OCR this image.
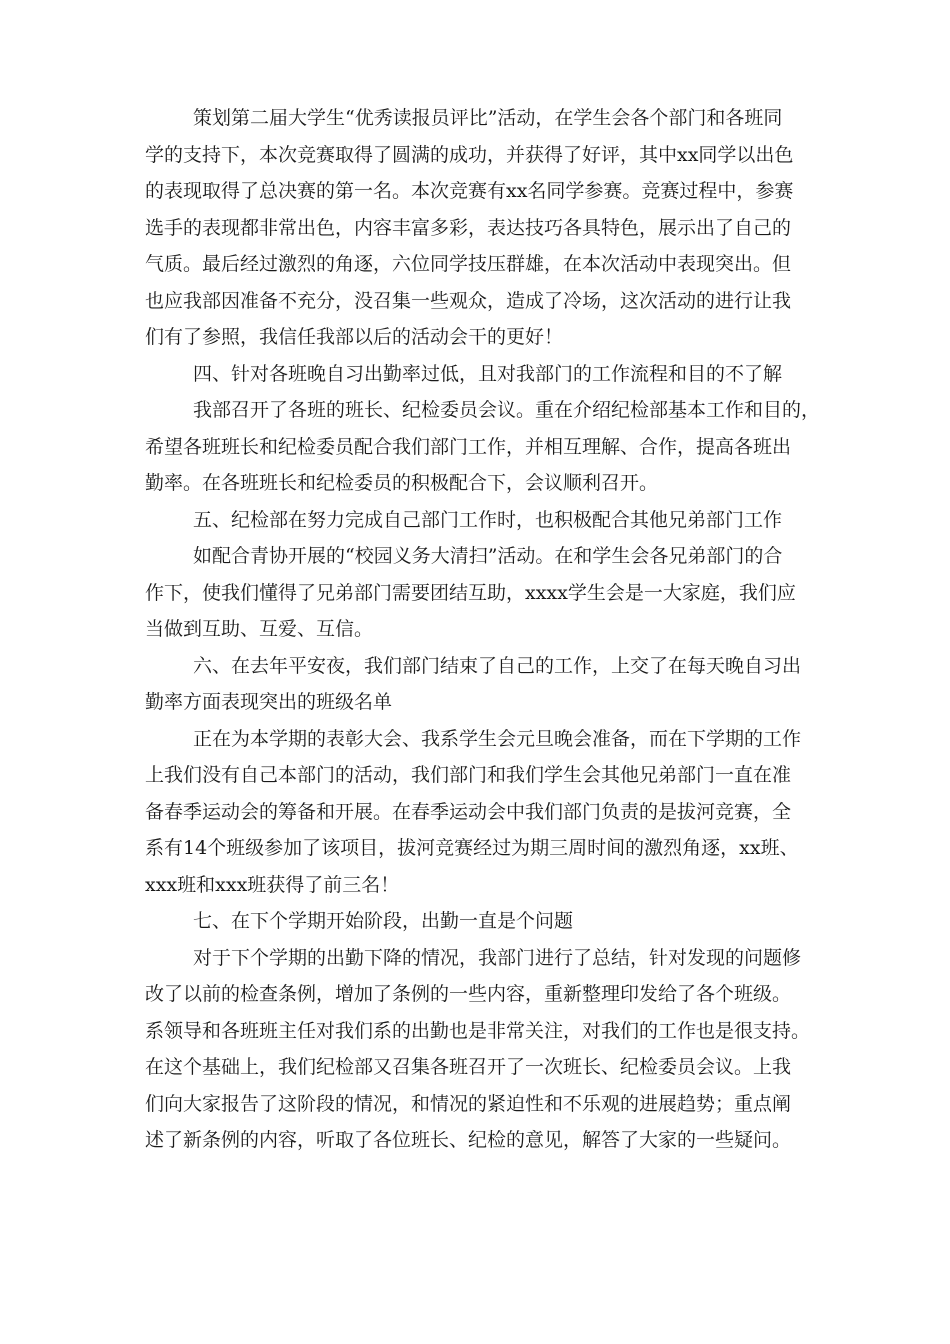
策划第二届大学生“优秀读报员评比”活动，在学生会各个部门和各班同
学的支持下，本次竞赛取得了圆满的成功，并获得了好评，其中xx同学以出色
的表现取得了总决赛的第一名。本次竞赛有xx名同学参赛。竞赛过程中，参赛
选手的表现都非常出色，内容丰富多彩，表达技巧各具特色，展示出了自己的
气质。最后经过激烈的角逐，六位同学技压群雄，在本次活动中表现突出。但
也应我部因准备不充分，没召集一些观众，造成了冷场，这次活动的进行让我
们有了参照，我信任我部以后的活动会干的更好！
四、针对各班晚自习出勤率过低，且对我部门的工作流程和目的不了解
我部召开了各班的班长、纪检委员会议。重在介绍纪检部基本工作和目的，
希望各班班长和纪检委员配合我们部门工作，并相互理解、合作，提高各班出
勤率。在各班班长和纪检委员的积极配合下，会议顺利召开。
五、纪检部在努力完成自己部门工作时，也积极配合其他兄弟部门工作
如配合青协开展的“校园义务大清扫”活动。在和学生会各兄弟部门的合
作下，使我们懂得了兄弟部门需要团结互助，xxxx学生会是一大家庭，我们应
当做到互助、互爱、互信。
六、在去年平安夜，我们部门结束了自己的工作，上交了在每天晚自习出
勤率方面表现突出的班级名单
正在为本学期的表彰大会、我系学生会元旦晚会准备，而在下学期的工作
上我们没有自己本部门的活动，我们部门和我们学生会其他兄弟部门一直在准
备春季运动会的筹备和开展。在春季运动会中我们部门负责的是拔河竞赛，全
系有14个班级参加了该项目，拔河竞赛经过为期三周时间的激烈角逐，xx班、
xxx班和xxx班获得了前三名！
七、在下个学期开始阶段，出勤一直是个问题
对于下个学期的出勤下降的情况，我部门进行了总结，针对发现的问题修
改了以前的检查条例，增加了条例的一些内容，重新整理印发给了各个班级。
系领导和各班班主任对我们系的出勤也是非常关注，对我们的工作也是很支持。
在这个基础上，我们纪检部又召集各班召开了一次班长、纪检委员会议。上我
们向大家报告了这阶段的情况，和情况的紧迫性和不乐观的进展趋势；重点阐
述了新条例的内容，听取了各位班长、纪检的意见，解答了大家的一些疑问。
